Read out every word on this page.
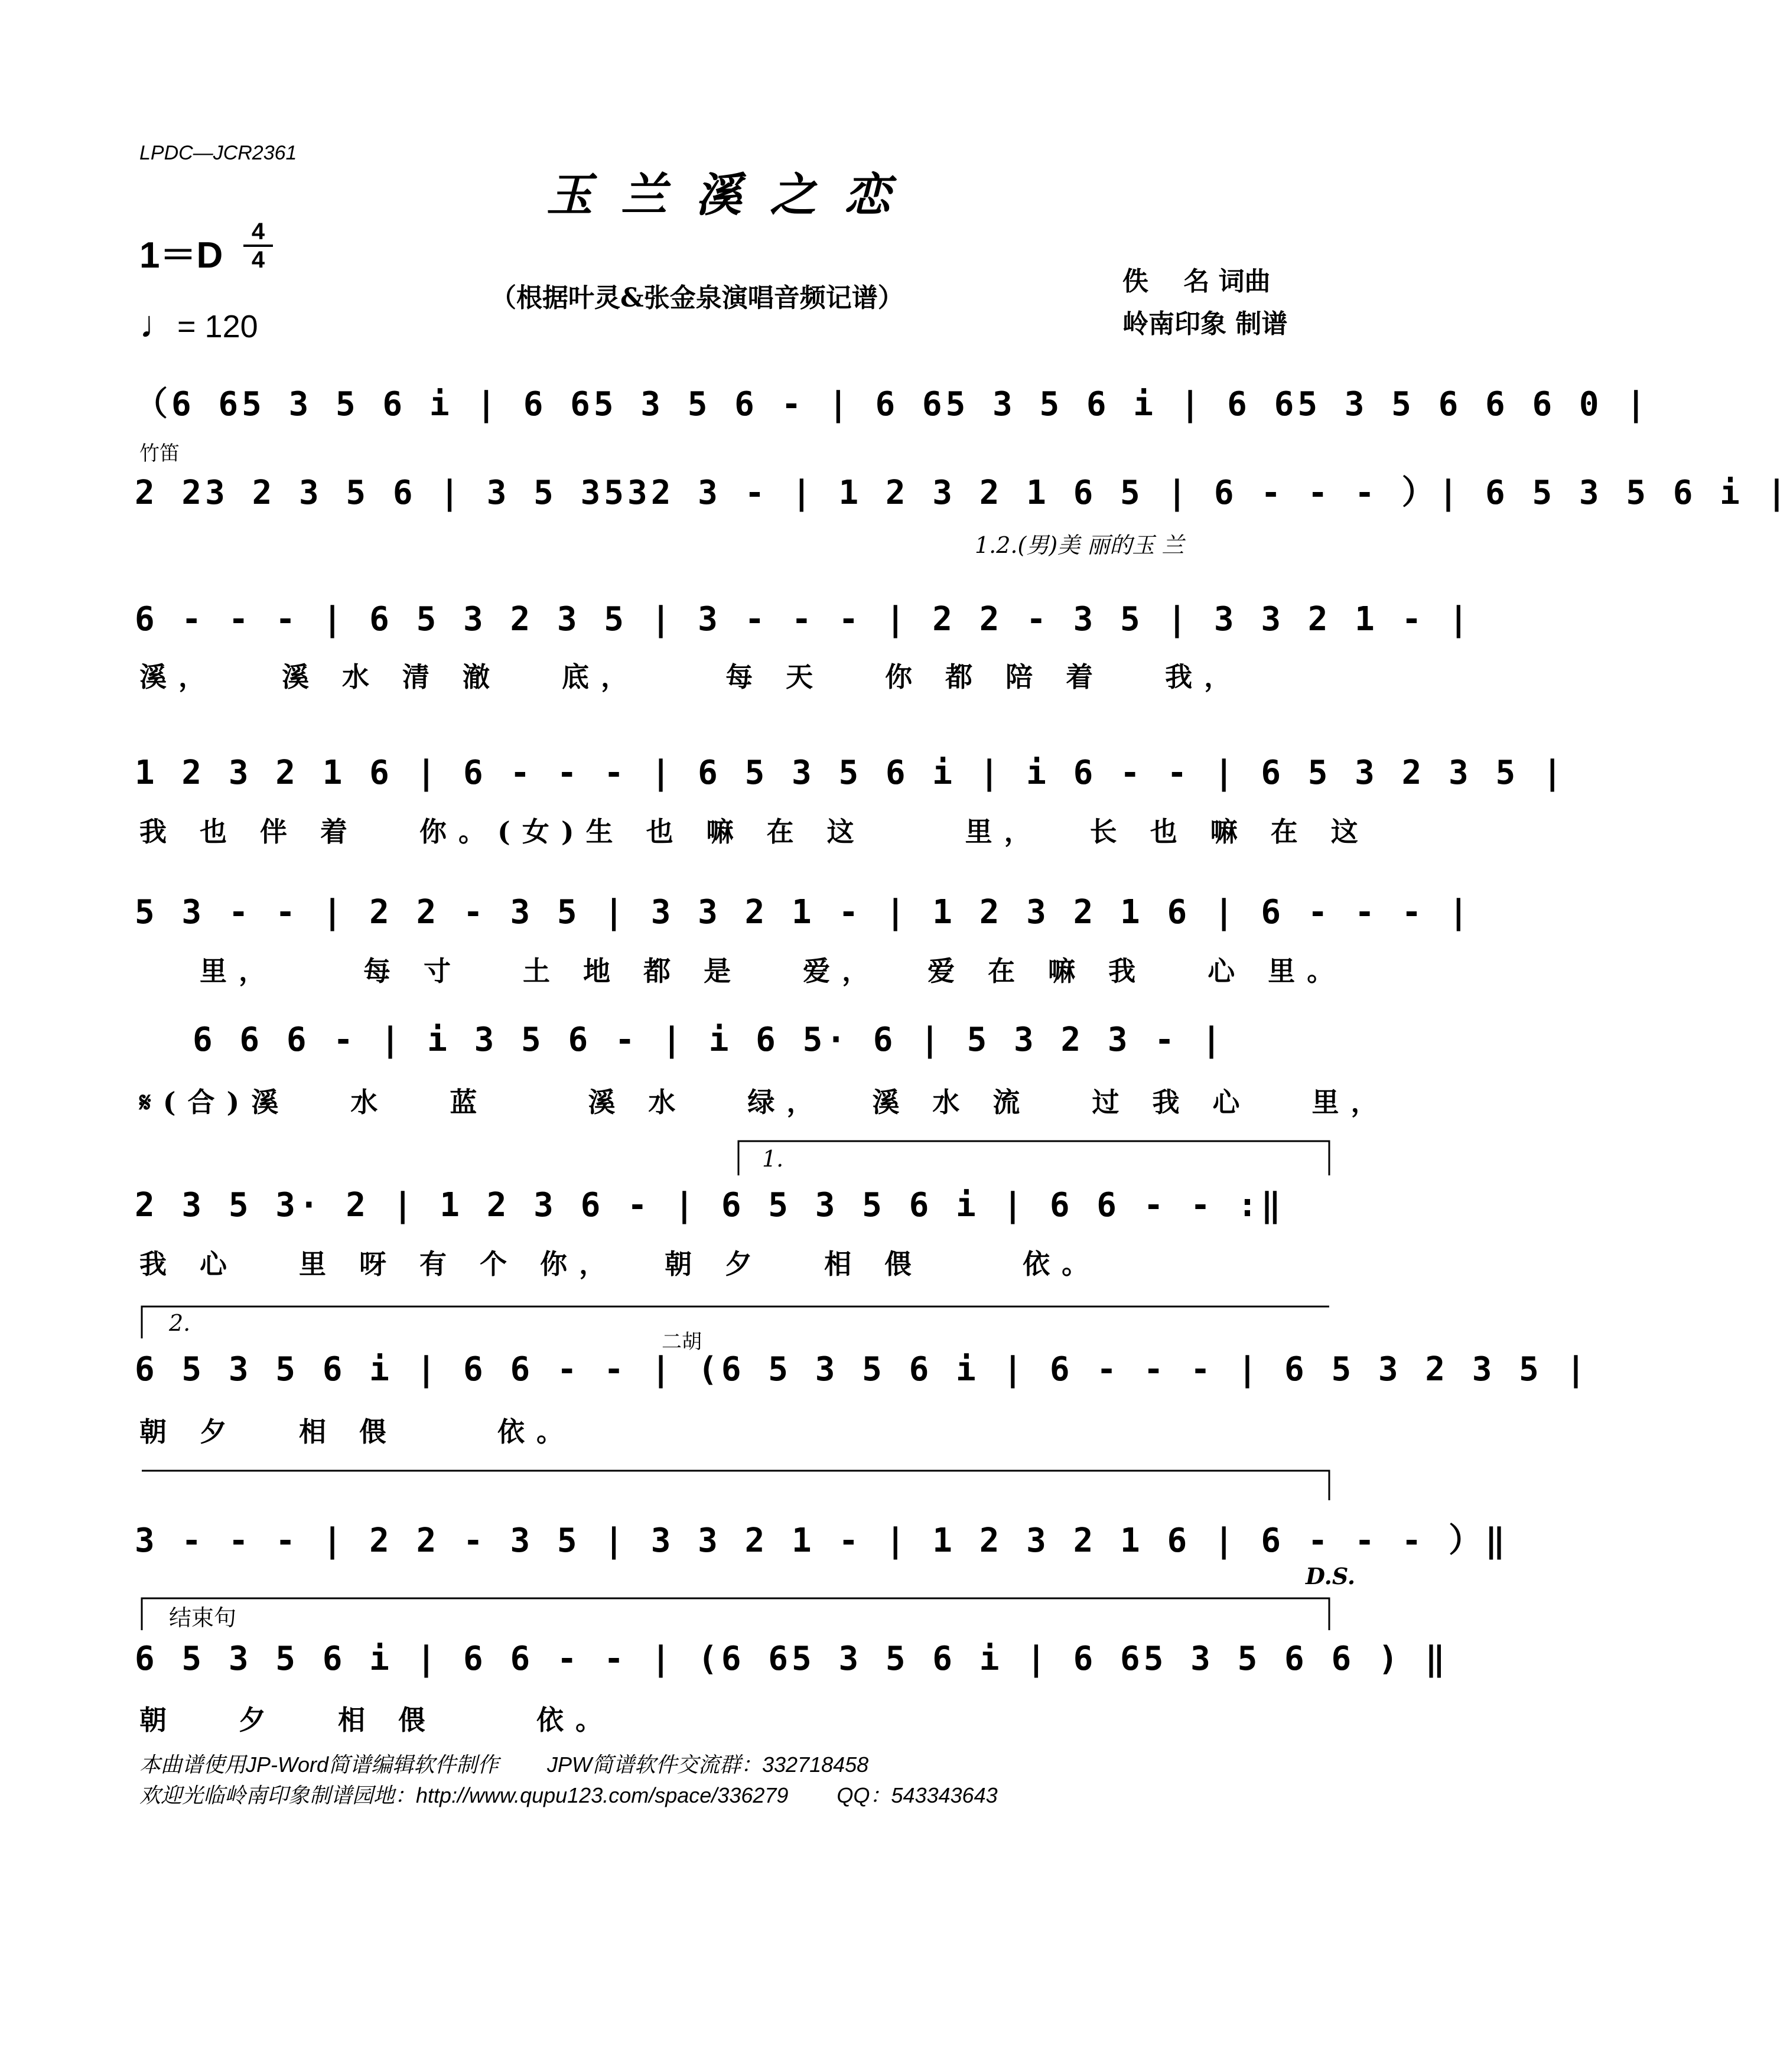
LPDC—JCR2361
玉兰溪之恋
1＝D
4
4
♩= 120
（根据叶灵&张金泉演唱音频记谱）
佚　 名 词曲
岭南印象 制谱
（6 65 3 5 6 i | 6 65 3 5 6 - | 6 65 3 5 6 i | 6 65 3 5 6 6 6 0 |
竹笛
2 23 2 3 5 6 | 3 5 3532 3 - | 1 2 3 2 1 6 5 | 6 - - - ）| 6 5 3 5 6 i |
1.2.(男)美 丽的玉 兰
6 - - - | 6 5 3 2 3 5 | 3 - - - | 2 2 - 3 5 | 3 3 2 1 - |
溪，　　溪 水 清 澈　 底，　　 每 天　 你 都 陪 着　 我，
1 2 3 2 1 6 | 6 - - - | 6 5 3 5 6 i | i 6 - - | 6 5 3 2 3 5 |
我 也 伴 着　 你。(女)生 也 嘛 在 这　　 里，　 长 也 嘛 在 这
5 3 - - | 2 2 - 3 5 | 3 3 2 1 - | 1 2 3 2 1 6 | 6 - - - |
　 里，　　 每 寸　 土 地 都 是　 爱，　 爱 在 嘛 我　 心 里。
6 6 6 - | i 3 5 6 - | i 6 5· 6 | 5 3 2 3 - |
𝄋(合)溪　 水　 蓝　　 溪 水　 绿，　 溪 水 流　 过 我 心　 里，
1.
2 3 5 3· 2 | 1 2 3 6 - | 6 5 3 5 6 i | 6 6 - - :‖
我 心　 里 呀 有 个 你，　 朝 夕　 相 偎　　 依。
2.
二胡
6 5 3 5 6 i | 6 6 - - | (6 5 3 5 6 i | 6 - - - | 6 5 3 2 3 5 |
朝 夕　 相 偎　　 依。
3 - - - | 2 2 - 3 5 | 3 3 2 1 - | 1 2 3 2 1 6 | 6 - - - ）‖
D.S.
结束句
6 5 3 5 6 i | 6 6 - - | (6 65 3 5 6 i | 6 65 3 5 6 6 ) ‖
朝　 夕　 相 偎　　 依。
本曲谱使用JP-Word简谱编辑软件制作　　 JPW简谱软件交流群：332718458
欢迎光临岭南印象制谱园地：http://www.qupu123.com/space/336279　　 QQ：543343643
